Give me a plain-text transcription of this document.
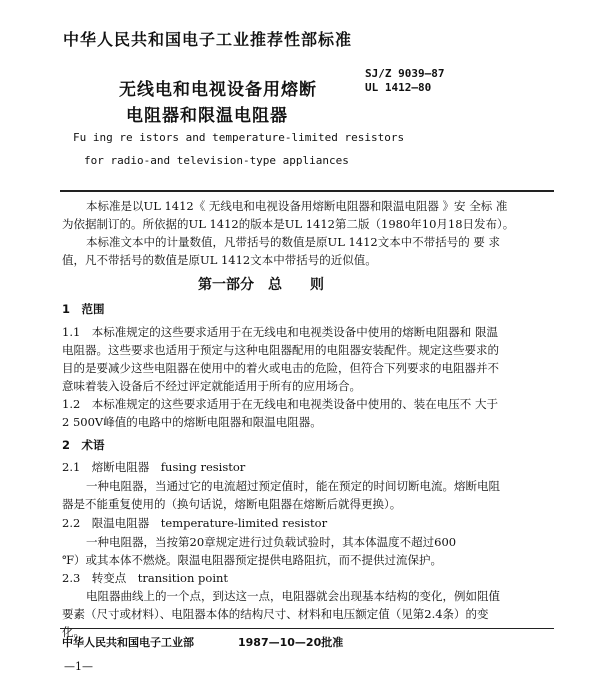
中华人民共和国电子工业推荐性部标准
SJ/Z 9039—87
UL 1412—80
无线电和电视设备用熔断
电阻器和限温电阻器
Fu ing re istors and temperature-limited resistors
for radio-and television-type appliances
本标准是以UL 1412《 无线电和电视设备用熔断电阻器和限温电阻器 》安 全标 准
为依据制订的。所依据的UL 1412的版本是UL 1412第二版（1980年10月18日发布）。
本标准文本中的计量数值，凡带括号的数值是原UL 1412文本中不带括号的 要 求
值，凡不带括号的数值是原UL 1412文本中带括号的近似值。
第一部分　总　　则
1　范围
1.1　本标准规定的这些要求适用于在无线电和电视类设备中使用的熔断电阻器和 限温
电阻器。这些要求也适用于预定与这种电阻器配用的电阻器安装配件。规定这些要求的
目的是要减少这些电阻器在使用中的着火或电击的危险，但符合下列要求的电阻器并不
意味着装入设备后不经过评定就能适用于所有的应用场合。
1.2　本标准规定的这些要求适用于在无线电和电视类设备中使用的、装在电压不 大于
2 500V峰值的电路中的熔断电阻器和限温电阻器。
2　术语
2.1　熔断电阻器　fusing resistor
一种电阻器，当通过它的电流超过预定值时，能在预定的时间切断电流。熔断电阻
器是不能重复使用的（换句话说，熔断电阻器在熔断后就得更换）。
2.2　限温电阻器　temperature-limited resistor
一种电阻器，当按第20章规定进行过负载试验时，其本体温度不超过600
℉）或其本体不燃烧。限温电阻器预定提供电路阻抗，而不提供过流保护。
2.3　转变点　transition point
电阻器曲线上的一个点，到达这一点，电阻器就会出现基本结构的变化，例如阻值
要素（尺寸或材料）、电阻器本体的结构尺寸、材料和电压额定值（见第2.4条）的变
化。
中华人民共和国电子工业部	1987—10—20批准
—1—
